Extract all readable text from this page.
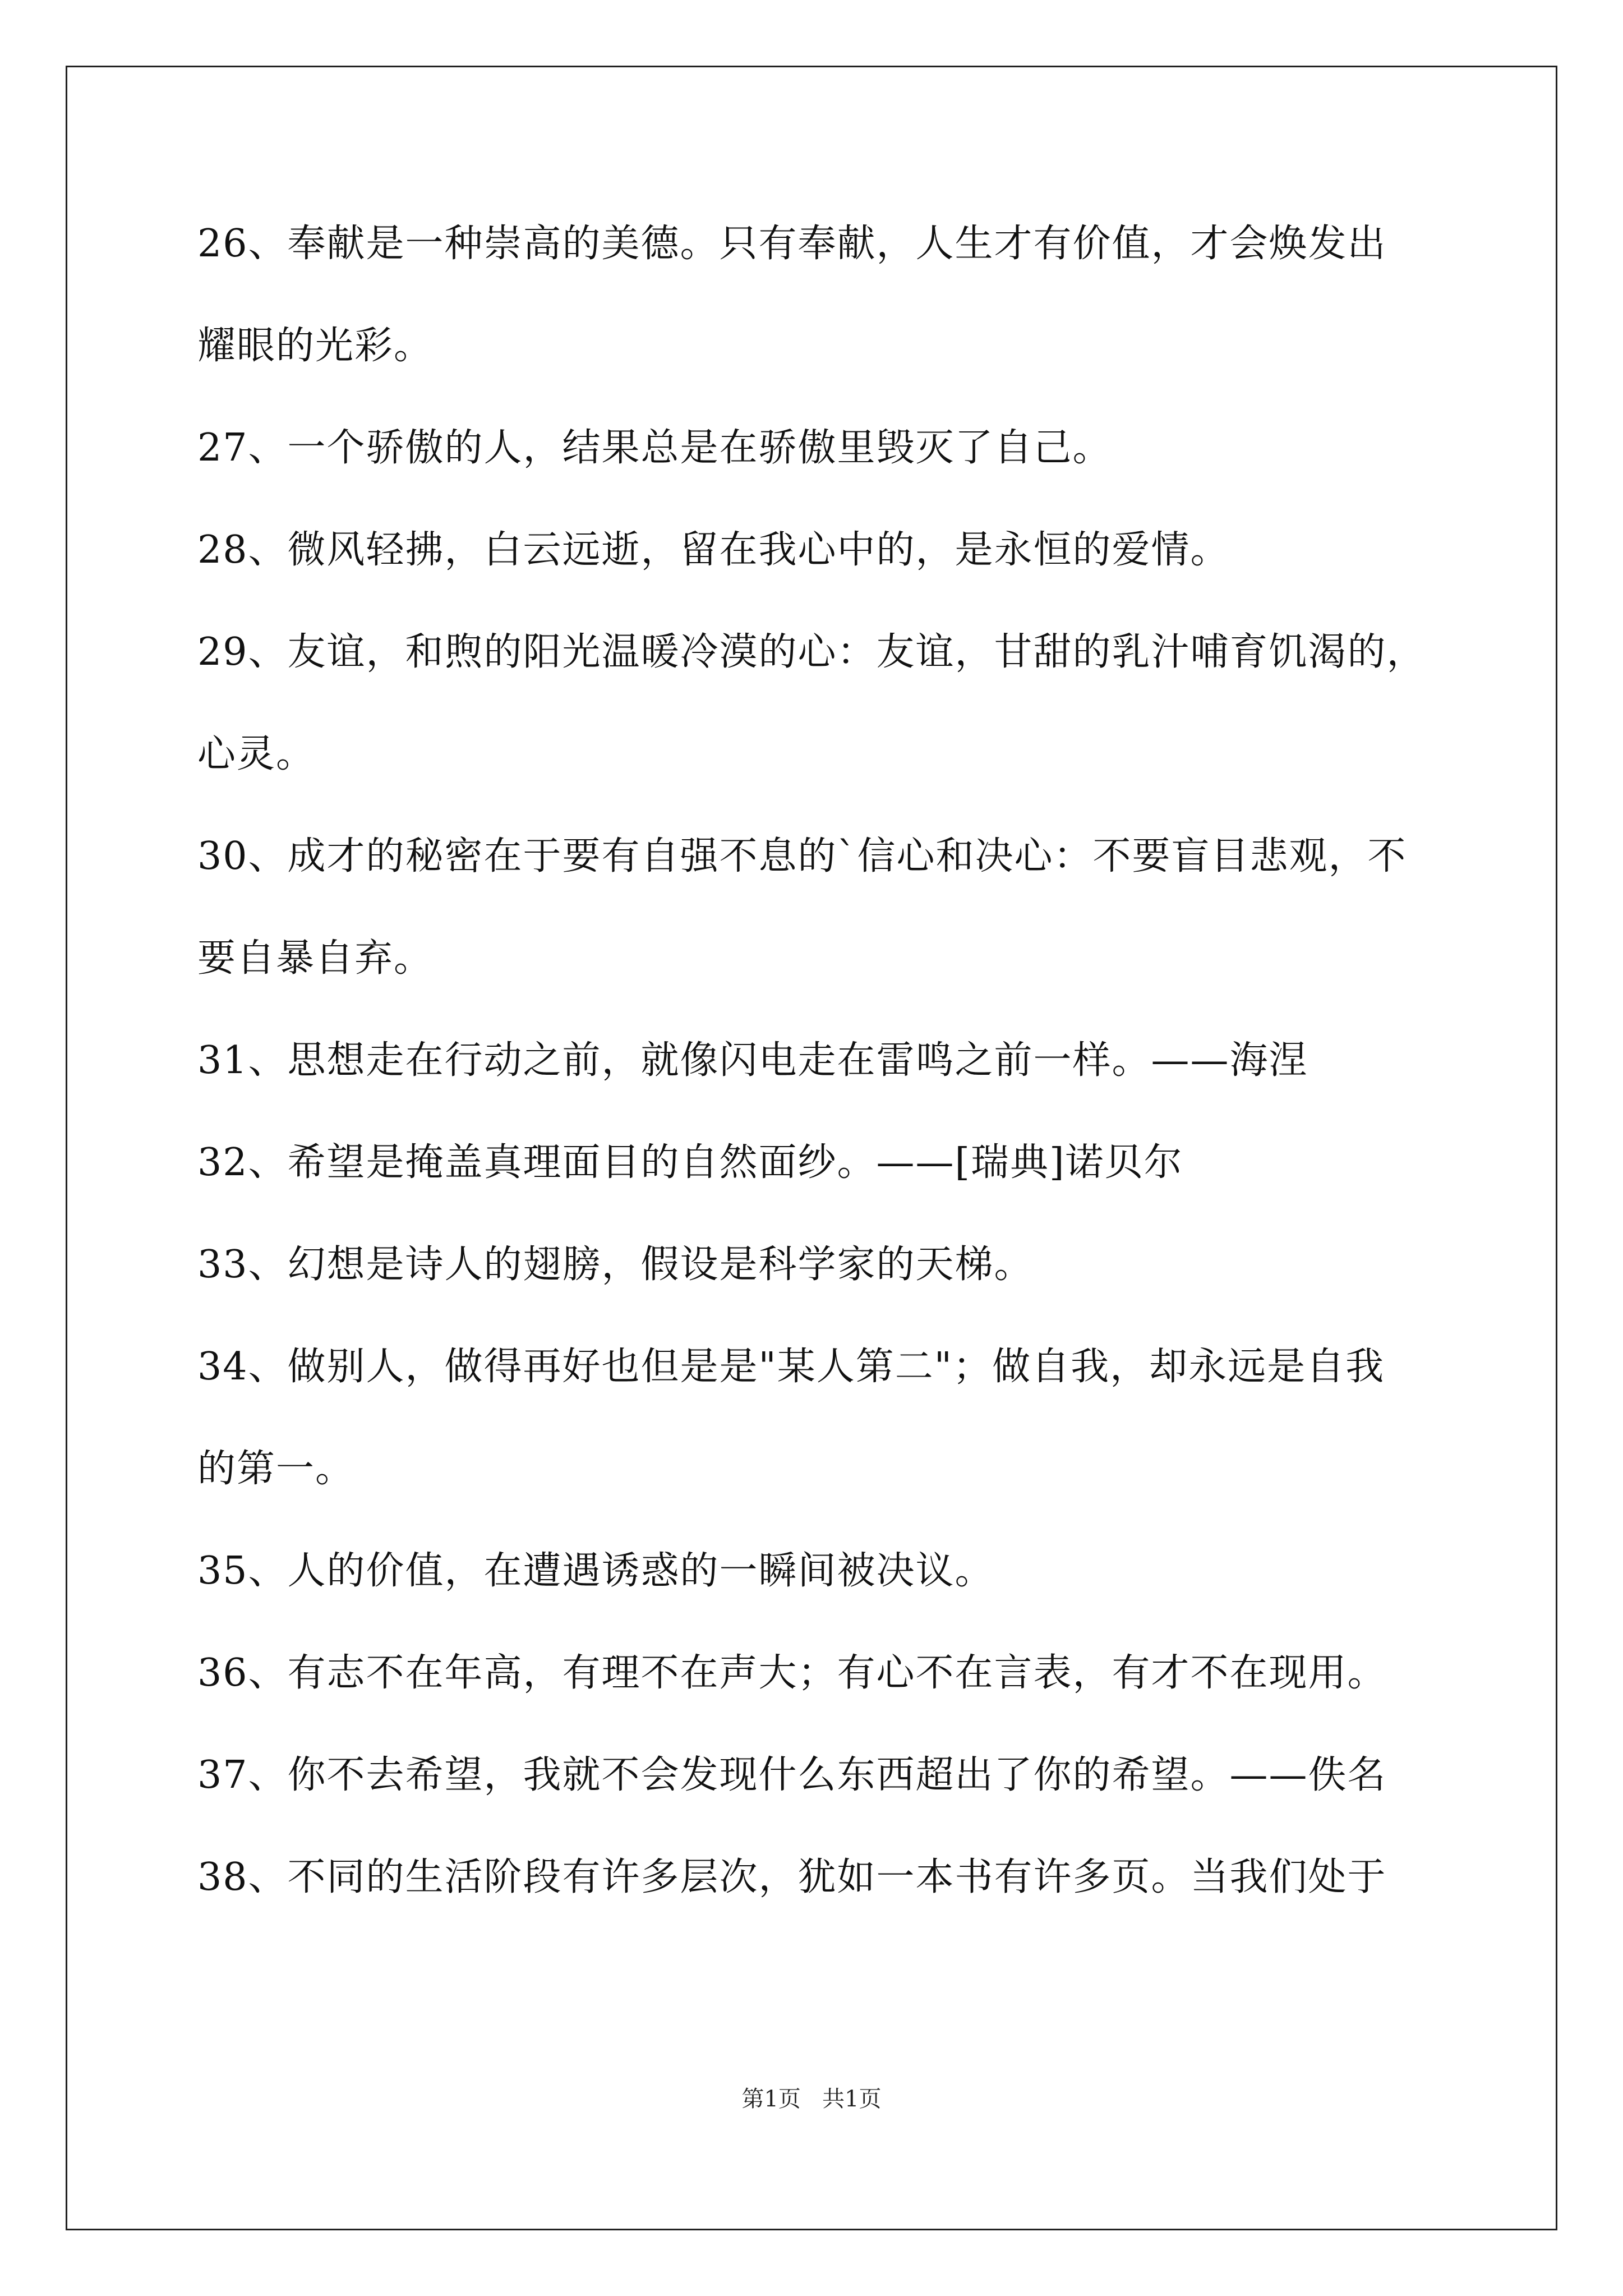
26、奉献是一种崇高的美德。只有奉献，人生才有价值，才会焕发出
耀眼的光彩。
27、一个骄傲的人，结果总是在骄傲里毁灭了自己。
28、微风轻拂，白云远逝，留在我心中的，是永恒的爱情。
29、友谊，和煦的阳光温暖冷漠的心：友谊，甘甜的乳汁哺育饥渴的，
心灵。
30、成才的秘密在于要有自强不息的`信心和决心：不要盲目悲观，不
要自暴自弃。
31、思想走在行动之前，就像闪电走在雷鸣之前一样。——海涅
32、希望是掩盖真理面目的自然面纱。——[瑞典]诺贝尔
33、幻想是诗人的翅膀，假设是科学家的天梯。
34、做别人，做得再好也但是是"某人第二"；做自我，却永远是自我
的第一。
35、人的价值，在遭遇诱惑的一瞬间被决议。
36、有志不在年高，有理不在声大；有心不在言表，有才不在现用。
37、你不去希望，我就不会发现什么东西超出了你的希望。——佚名
38、不同的生活阶段有许多层次，犹如一本书有许多页。当我们处于
第1页   共1页
